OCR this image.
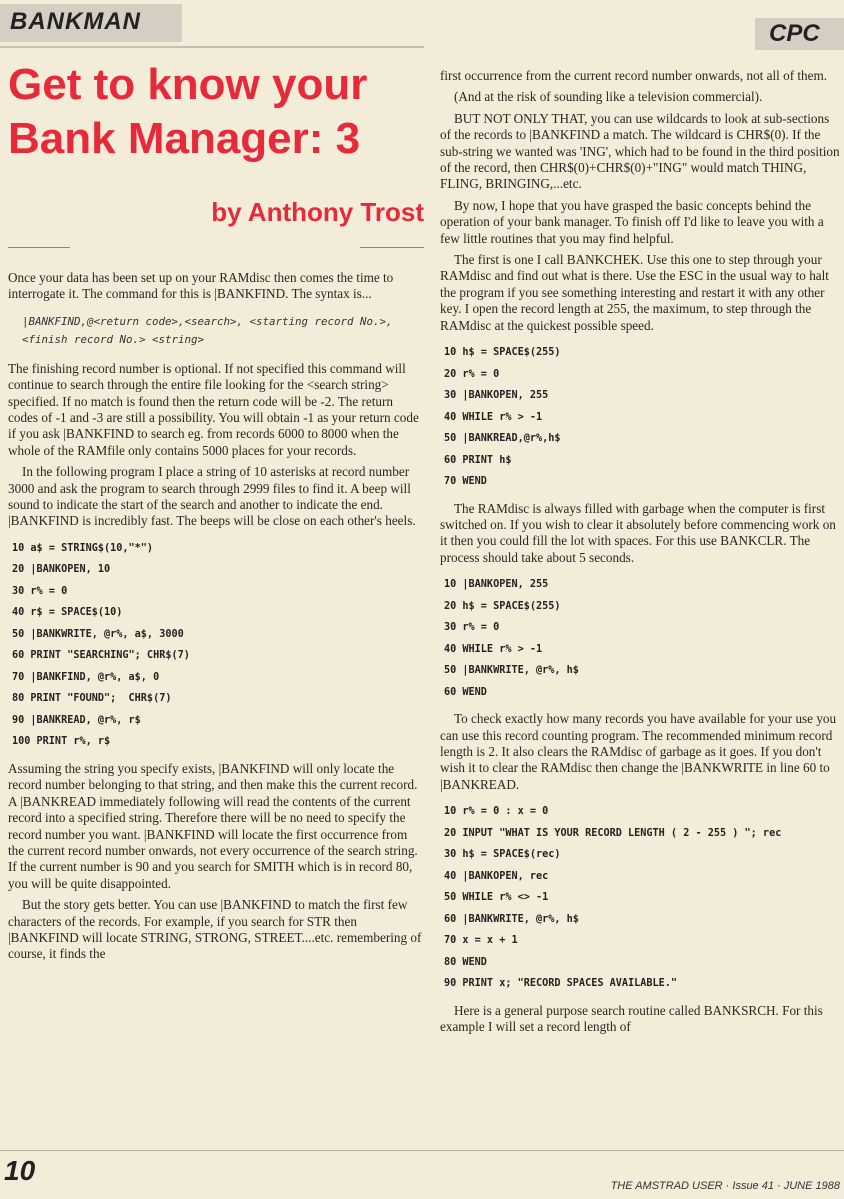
BANKMAN	CPC
Get to know your Bank Manager: 3
by Anthony Trost

Once your data has been set up on your RAMdisc then comes the time to interrogate it. The command for this is |BANKFIND. The syntax is...

|BANKFIND,@<return code>,<search>, <starting record No.>, <finish record No.> <string>

The finishing record number is optional. If not specified this command will continue to search through the entire file looking for the <search string> specified. If no match is found then the return code will be -2. The return codes of -1 and -3 are still a possibility. You will obtain -1 as your return code if you ask |BANKFIND to search eg. from records 6000 to 8000 when the whole of the RAMfile only contains 5000 places for your records.

In the following program I place a string of 10 asterisks at record number 3000 and ask the program to search through 2999 files to find it. A beep will sound to indicate the start of the search and another to indicate the end. |BANKFIND is incredibly fast. The beeps will be close on each other's heels.

10 a$ = STRING$(10,"*")
20 |BANKOPEN, 10
30 r% = 0
40 r$ = SPACE$(10)
50 |BANKWRITE, @r%, a$, 3000
60 PRINT "SEARCHING"; CHR$(7)
70 |BANKFIND, @r%, a$, 0
80 PRINT "FOUND";  CHR$(7)
90 |BANKREAD, @r%, r$
100 PRINT r%, r$

Assuming the string you specify exists, |BANKFIND will only locate the record number belonging to that string, and then make this the current record. A |BANKREAD immediately following will read the contents of the current record into a specified string. Therefore there will be no need to specify the record number you want. |BANKFIND will locate the first occurrence from the current record number onwards, not every occurrence of the search string. If the current number is 90 and you search for SMITH which is in record 80, you will be quite disappointed.

But the story gets better. You can use |BANKFIND to match the first few characters of the records. For example, if you search for STR then |BANKFIND will locate STRING, STRONG, STREET....etc. remembering of course, it finds the

first occurrence from the current record number onwards, not all of them.

(And at the risk of sounding like a television commercial).

BUT NOT ONLY THAT, you can use wildcards to look at sub-sections of the records to |BANKFIND a match. The wildcard is CHR$(0). If the sub-string we wanted was 'ING', which had to be found in the third position of the record, then CHR$(0)+CHR$(0)+"ING" would match THING, FLING, BRINGING,...etc.

By now, I hope that you have grasped the basic concepts behind the operation of your bank manager. To finish off I'd like to leave you with a few little routines that you may find helpful.

The first is one I call BANKCHEK. Use this one to step through your RAMdisc and find out what is there. Use the ESC in the usual way to halt the program if you see something interesting and restart it with any other key. I open the record length at 255, the maximum, to step through the RAMdisc at the quickest possible speed.

10 h$ = SPACE$(255)
20 r% = 0
30 |BANKOPEN, 255
40 WHILE r% > -1
50 |BANKREAD,@r%,h$
60 PRINT h$
70 WEND

The RAMdisc is always filled with garbage when the computer is first switched on. If you wish to clear it absolutely before commencing work on it then you could fill the lot with spaces. For this use BANKCLR. The process should take about 5 seconds.

10 |BANKOPEN, 255
20 h$ = SPACE$(255)
30 r% = 0
40 WHILE r% > -1
50 |BANKWRITE, @r%, h$
60 WEND

To check exactly how many records you have available for your use you can use this record counting program. The recommended minimum record length is 2. It also clears the RAMdisc of garbage as it goes. If you don't wish it to clear the RAMdisc then change the |BANKWRITE in line 60 to |BANKREAD.

10 r% = 0 : x = 0
20 INPUT "WHAT IS YOUR RECORD LENGTH ( 2 - 255 ) "; rec
30 h$ = SPACE$(rec)
40 |BANKOPEN, rec
50 WHILE r% <> -1
60 |BANKWRITE, @r%, h$
70 x = x + 1
80 WEND
90 PRINT x; "RECORD SPACES AVAILABLE."

Here is a general purpose search routine called BANKSRCH. For this example I will set a record length of

10	THE AMSTRAD USER · Issue 41 · JUNE 1988
